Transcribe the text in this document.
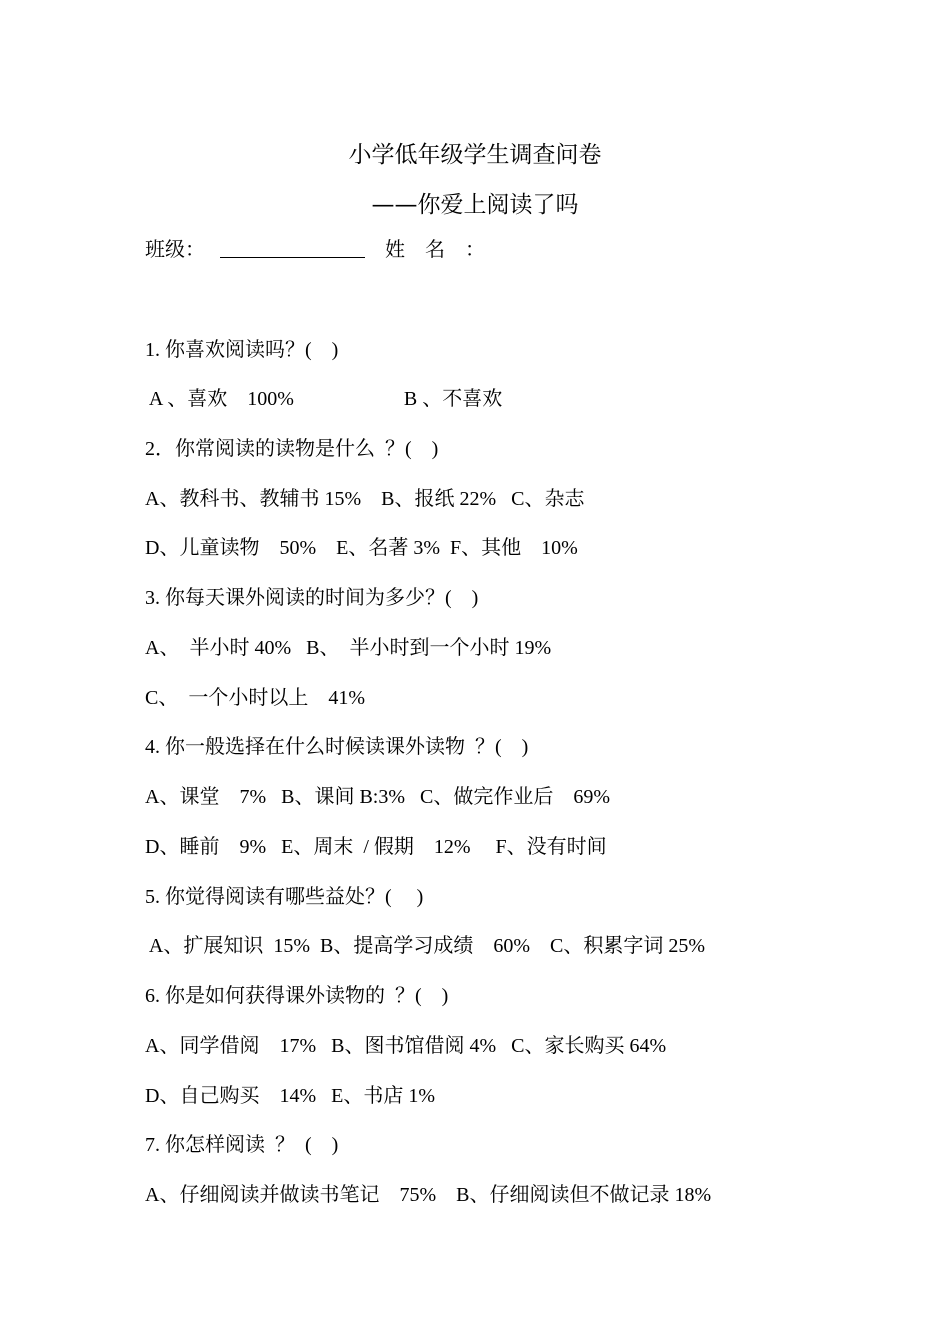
小学低年级学生调查问卷
——你爱上阅读了吗
班级：	姓　名　：
1. 你喜欢阅读吗？(    )
A 、喜欢    100%                      B 、不喜欢
2．你常阅读的读物是什么  ？(    )
A、教科书、教辅书 15%    B、报纸 22%   C、杂志
D、儿童读物    50%    E、名著 3%  F、其他    10%
3. 你每天课外阅读的时间为多少？(    )
A、  半小时 40%   B、  半小时到一个小时 19%
C、  一个小时以上    41%
4. 你一般选择在什么时候读课外读物  ？(    )
A、课堂    7%   B、课间 B:3%   C、做完作业后    69%
D、睡前    9%   E、周末  / 假期    12%     F、没有时间
5. 你觉得阅读有哪些益处？(     )
A、扩展知识  15%  B、提高学习成绩    60%    C、积累字词 25%
6. 你是如何获得课外读物的  ？(    )
A、同学借阅    17%   B、图书馆借阅 4%   C、家长购买 64%
D、自己购买    14%   E、书店 1%
7. 你怎样阅读  ？  (    )
A、仔细阅读并做读书笔记    75%    B、仔细阅读但不做记录 18%
